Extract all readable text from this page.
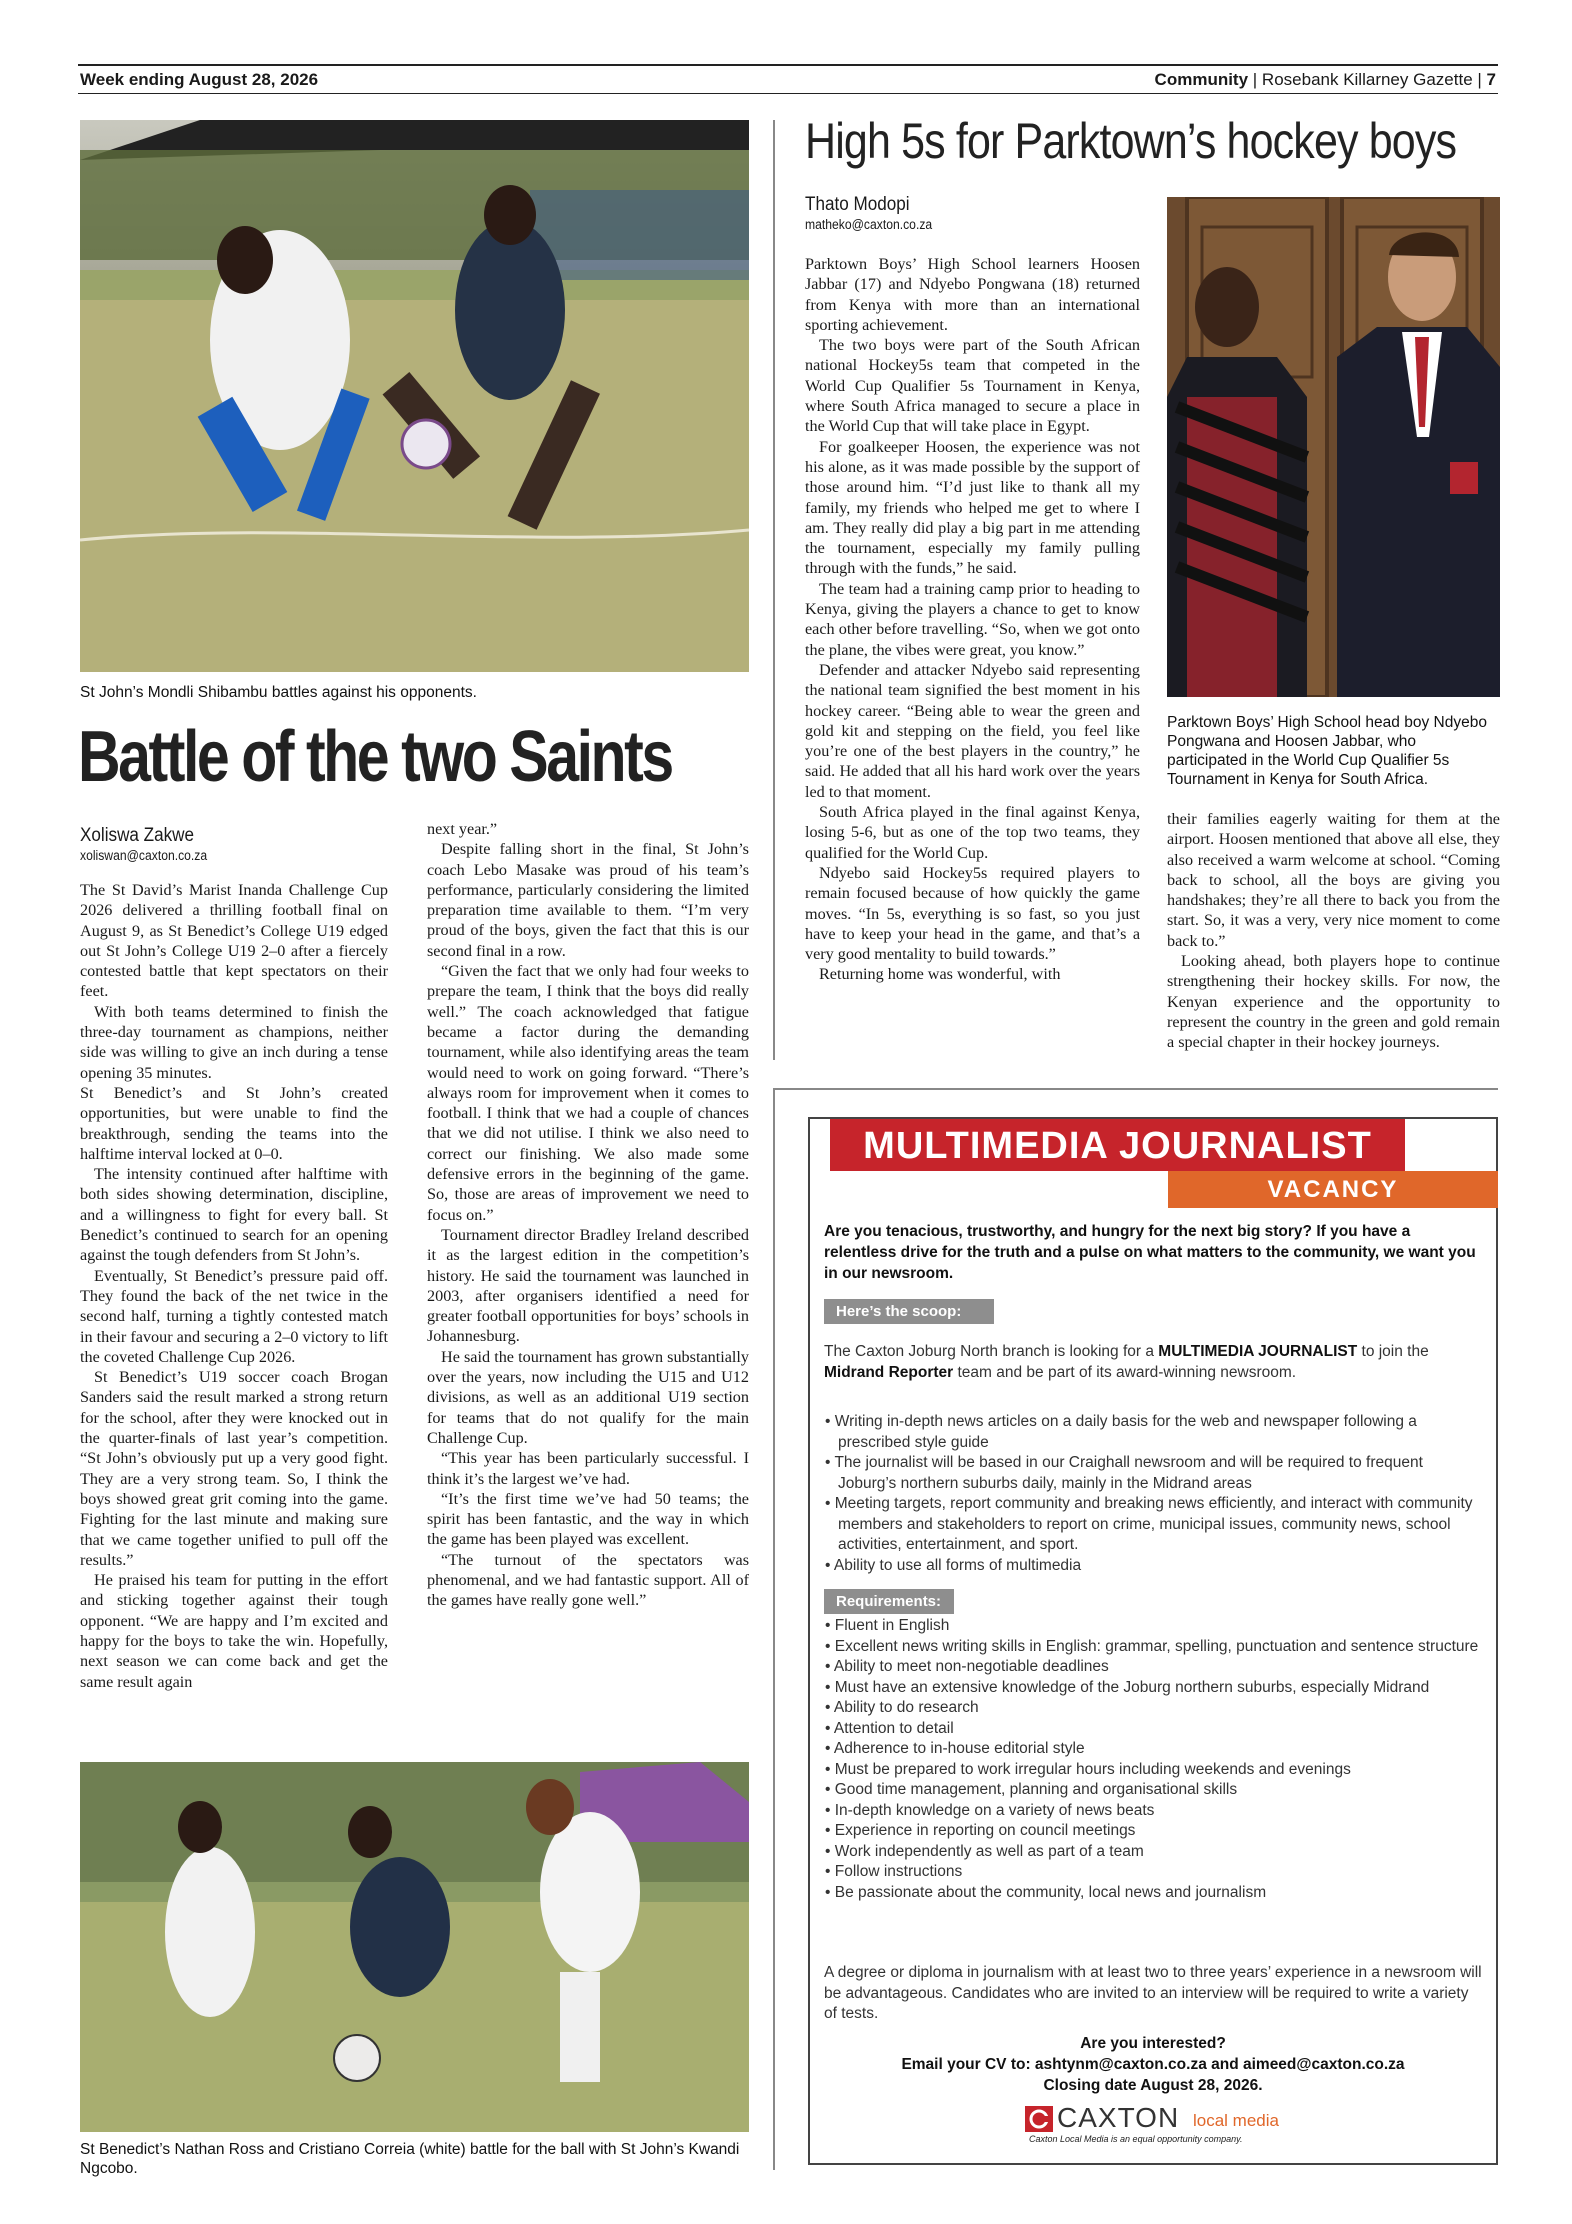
Week ending August 28, 2026	Community | Rosebank Killarney Gazette | 7
St John’s Mondli Shibambu battles against his opponents.
Battle of the two Saints
Xoliswa Zakwe
xoliswan@caxton.co.za

The St David’s Marist Inanda Challenge Cup 2026 delivered a thrilling football final on August 9, as St Benedict’s College U19 edged out St John’s College U19 2–0 after a fiercely contested battle that kept spectators on their feet.

With both teams determined to finish the three-day tournament as champions, neither side was willing to give an inch during a tense opening 35 minutes.

St Benedict’s and St John’s created opportunities, but were unable to find the breakthrough, sending the teams into the halftime interval locked at 0–0.

The intensity continued after halftime with both sides showing determination, discipline, and a willingness to fight for every ball. St Benedict’s continued to search for an opening against the tough defenders from St John’s.

Eventually, St Benedict’s pressure paid off. They found the back of the net twice in the second half, turning a tightly contested match in their favour and securing a 2–0 victory to lift the coveted Challenge Cup 2026.

St Benedict’s U19 soccer coach Brogan Sanders said the result marked a strong return for the school, after they were knocked out in the quarter-finals of last year’s competition. “St John’s obviously put up a very good fight. They are a very strong team. So, I think the boys showed great grit coming into the game. Fighting for the last minute and making sure that we came together unified to pull off the results.”

He praised his team for putting in the effort and sticking together against their tough opponent. “We are happy and I’m excited and happy for the boys to take the win. Hopefully, next season we can come back and get the same result again

next year.”

Despite falling short in the final, St John’s coach Lebo Masake was proud of his team’s performance, particularly considering the limited preparation time available to them. “I’m very proud of the boys, given the fact that this is our second final in a row.

“Given the fact that we only had four weeks to prepare the team, I think that the boys did really well.” The coach acknowledged that fatigue became a factor during the demanding tournament, while also identifying areas the team would need to work on going forward. “There’s always room for improvement when it comes to football. I think that we had a couple of chances that we did not utilise. I think we also need to correct our finishing. We also made some defensive errors in the beginning of the game. So, those are areas of improvement we need to focus on.”

Tournament director Bradley Ireland described it as the largest edition in the competition’s history. He said the tournament was launched in 2003, after organisers identified a need for greater football opportunities for boys’ schools in Johannesburg.

He said the tournament has grown substantially over the years, now including the U15 and U12 divisions, as well as an additional U19 section for teams that do not qualify for the main Challenge Cup.

“This year has been particularly successful. I think it’s the largest we’ve had.

“It’s the first time we’ve had 50 teams; the spirit has been fantastic, and the way in which the game has been played was excellent.

“The turnout of the spectators was phenomenal, and we had fantastic support. All of the games have really gone well.”

St Benedict’s Nathan Ross and Cristiano Correia (white) battle for the ball with St John’s Kwandi Ngcobo.
High 5s for Parktown’s hockey boys
Thato Modopi
matheko@caxton.co.za

Parktown Boys’ High School learners Hoosen Jabbar (17) and Ndyebo Pongwana (18) returned from Kenya with more than an international sporting achievement.

The two boys were part of the South African national Hockey5s team that competed in the World Cup Qualifier 5s Tournament in Kenya, where South Africa managed to secure a place in the World Cup that will take place in Egypt.

For goalkeeper Hoosen, the experience was not his alone, as it was made possible by the support of those around him. “I’d just like to thank all my family, my friends who helped me get to where I am. They really did play a big part in me attending the tournament, especially my family pulling through with the funds,” he said.

The team had a training camp prior to heading to Kenya, giving the players a chance to get to know each other before travelling. “So, when we got onto the plane, the vibes were great, you know.”

Defender and attacker Ndyebo said representing the national team signified the best moment in his hockey career. “Being able to wear the green and gold kit and stepping on the field, you feel like you’re one of the best players in the country,” he said. He added that all his hard work over the years led to that moment.

South Africa played in the final against Kenya, losing 5-6, but as one of the top two teams, they qualified for the World Cup.

Ndyebo said Hockey5s required players to remain focused because of how quickly the game moves. “In 5s, everything is so fast, so you just have to keep your head in the game, and that’s a very good mentality to build towards.”

Returning home was wonderful, with

Parktown Boys’ High School head boy Ndyebo Pongwana and Hoosen Jabbar, who participated in the World Cup Qualifier 5s Tournament in Kenya for South Africa.

their families eagerly waiting for them at the airport. Hoosen mentioned that above all else, they also received a warm welcome at school. “Coming back to school, all the boys are giving you handshakes; they’re all there to back you from the start. So, it was a very, very nice moment to come back to.”

Looking ahead, both players hope to continue strengthening their hockey skills. For now, the Kenyan experience and the opportunity to represent the country in the green and gold remain a special chapter in their hockey journeys.

MULTIMEDIA JOURNALIST
VACANCY
Are you tenacious, trustworthy, and hungry for the next big story? If you have a relentless drive for the truth and a pulse on what matters to the community, we want you in our newsroom.
Here’s the scoop:
The Caxton Joburg North branch is looking for a MULTIMEDIA JOURNALIST to join the Midrand Reporter team and be part of its award-winning newsroom.
• Writing in-depth news articles on a daily basis for the web and newspaper following a prescribed style guide
• The journalist will be based in our Craighall newsroom and will be required to frequent Joburg’s northern suburbs daily, mainly in the Midrand areas
• Meeting targets, report community and breaking news efficiently, and interact with community members and stakeholders to report on crime, municipal issues, community news, school activities, entertainment, and sport.
• Ability to use all forms of multimedia
Requirements:
• Fluent in English
• Excellent news writing skills in English: grammar, spelling, punctuation and sentence structure
• Ability to meet non-negotiable deadlines
• Must have an extensive knowledge of the Joburg northern suburbs, especially Midrand
• Ability to do research
• Attention to detail
• Adherence to in-house editorial style
• Must be prepared to work irregular hours including weekends and evenings
• Good time management, planning and organisational skills
• In-depth knowledge on a variety of news beats
• Experience in reporting on council meetings
• Work independently as well as part of a team
• Follow instructions
• Be passionate about the community, local news and journalism
A degree or diploma in journalism with at least two to three years’ experience in a newsroom will be advantageous. Candidates who are invited to an interview will be required to write a variety of tests.
Are you interested?
Email your CV to: ashtynm@caxton.co.za and aimeed@caxton.co.za
Closing date August 28, 2026.
CAXTON local media
Caxton Local Media is an equal opportunity company.
